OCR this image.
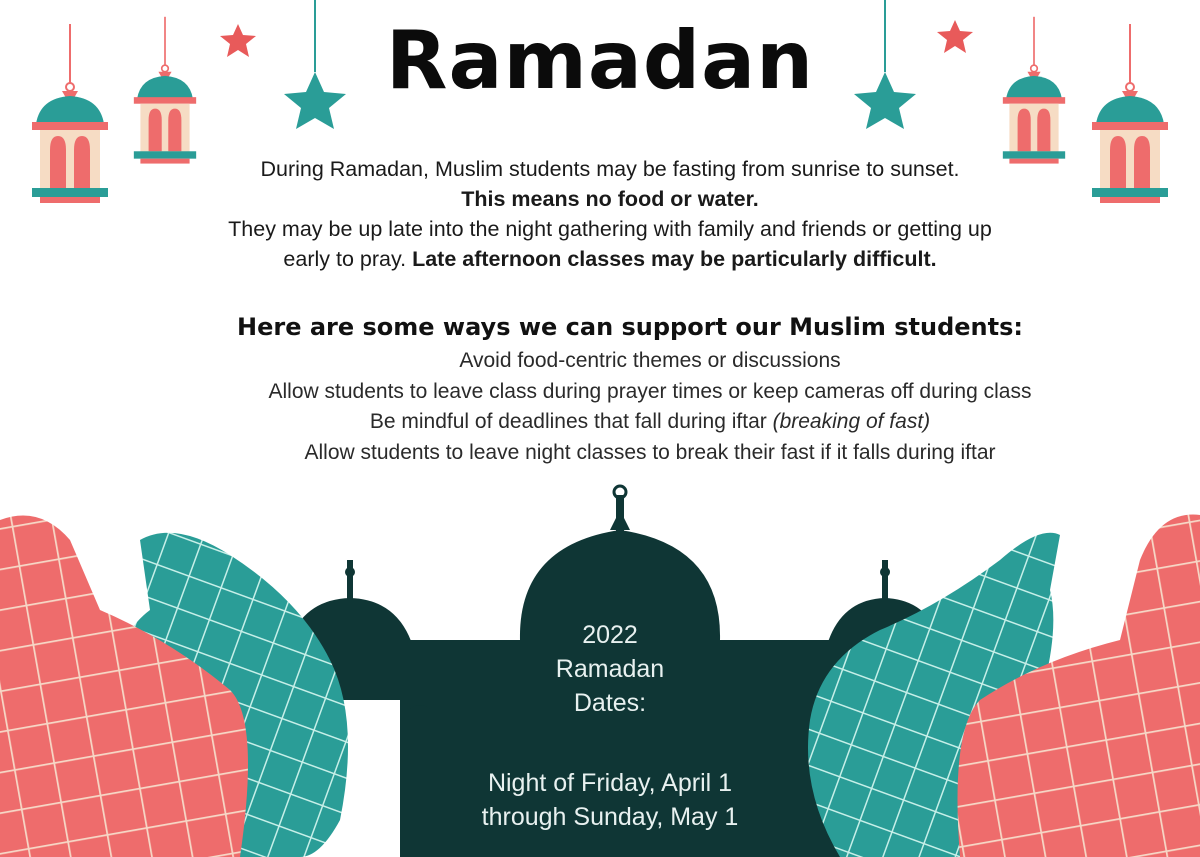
Ramadan
During Ramadan, Muslim students may be fasting from sunrise to sunset.
This means no food or water.
They may be up late into the night gathering with family and friends or getting up
early to pray. Late afternoon classes may be particularly difficult.
Here are some ways we can support our Muslim students:
Avoid food-centric themes or discussions
Allow students to leave class during prayer times or keep cameras off during class
Be mindful of deadlines that fall during iftar (breaking of fast)
Allow students to leave night classes to break their fast if it falls during iftar
2022
Ramadan
Dates:
Night of Friday, April 1
through Sunday, May 1
